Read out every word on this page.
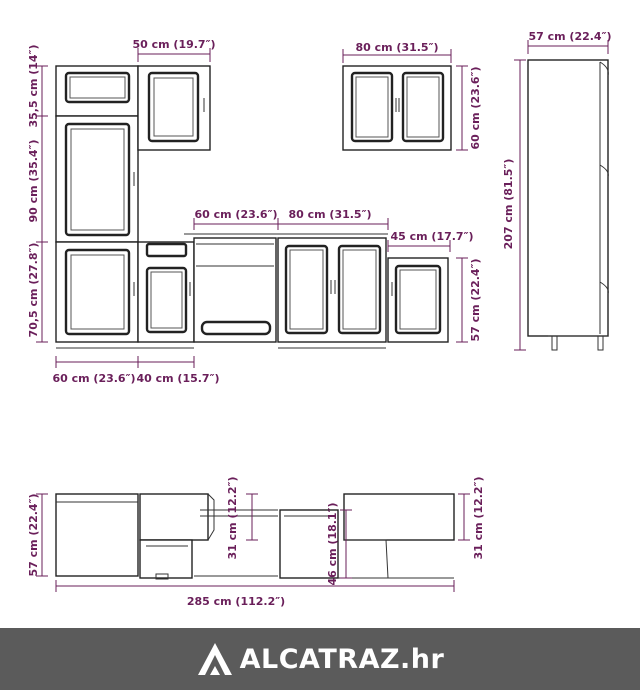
50 cm (19.7″)	80 cm (31.5″)
57 cm (22.4″)
35,5 cm (14″)
90 cm (35.4″)
70,5 cm (27.8″)
60 cm (23.6″)
207 cm (81.5″)
60 cm (23.6″) 80 cm (31.5″)
45 cm (17.7″)
57 cm (22.4″)
60 cm (23.6″) 40 cm (15.7″)
57 cm (22.4″)	31 cm (12.2″)	46 cm (18.1″)	31 cm (12.2″)
285 cm (112.2″)
ALCATRAZ.hr
